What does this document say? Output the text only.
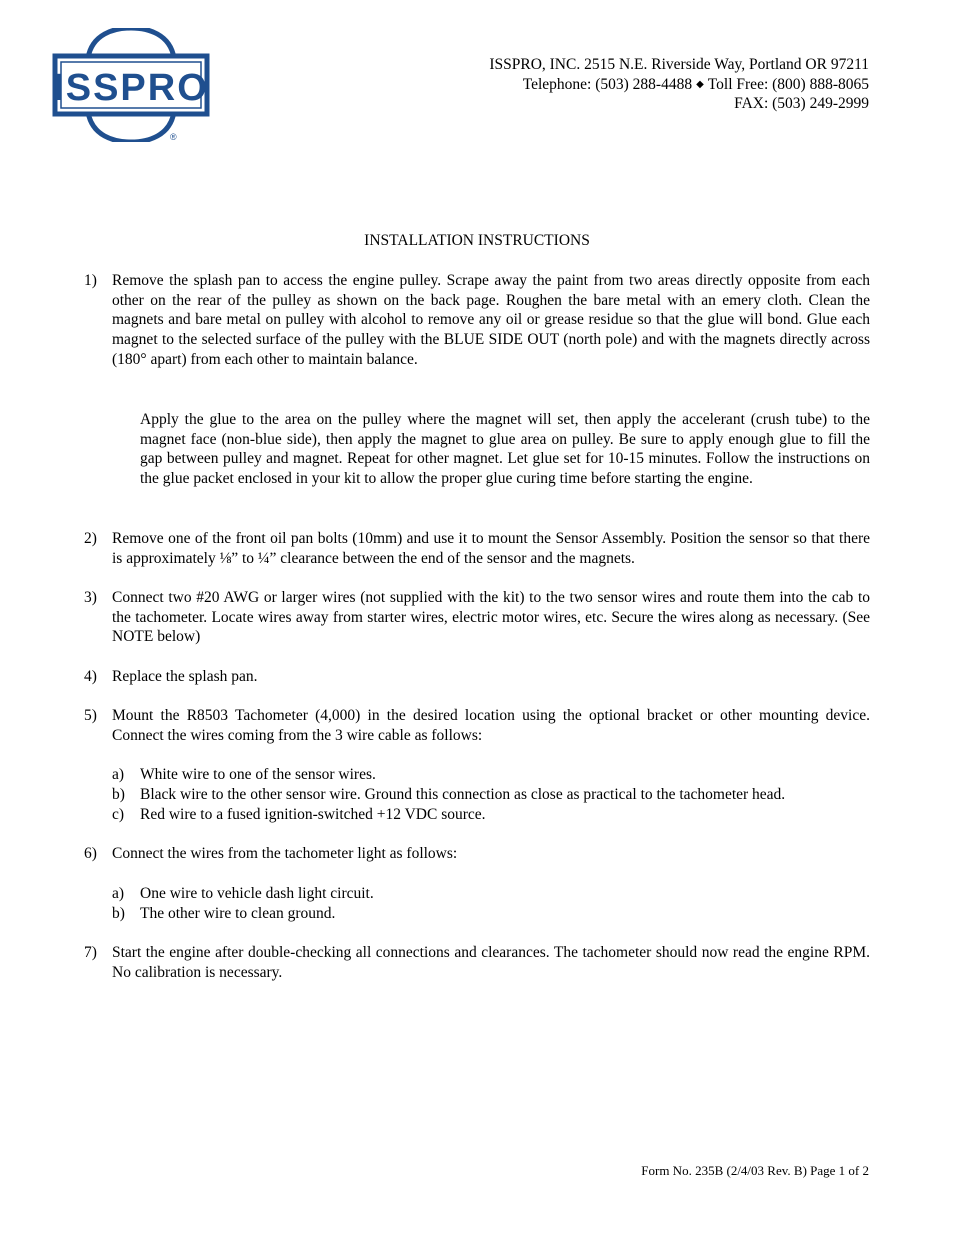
ISSPRO
®
ISSPRO, INC. 2515 N.E. Riverside Way, Portland OR 97211
Telephone: (503) 288-4488 ◆ Toll Free: (800) 888-8065
FAX: (503) 249-2999
INSTALLATION INSTRUCTIONS
1) Remove the splash pan to access the engine pulley. Scrape away the paint from two areas directly opposite from each other on the rear of the pulley as shown on the back page. Roughen the bare metal with an emery cloth. Clean the magnets and bare metal on pulley with alcohol to remove any oil or grease residue so that the glue will bond. Glue each magnet to the selected surface of the pulley with the BLUE SIDE OUT (north pole) and with the magnets directly across (180° apart) from each other to maintain balance.
Apply the glue to the area on the pulley where the magnet will set, then apply the accelerant (crush tube) to the magnet face (non-blue side), then apply the magnet to glue area on pulley. Be sure to apply enough glue to fill the gap between pulley and magnet. Repeat for other magnet. Let glue set for 10-15 minutes. Follow the instructions on the glue packet enclosed in your kit to allow the proper glue curing time before starting the engine.
2) Remove one of the front oil pan bolts (10mm) and use it to mount the Sensor Assembly. Position the sensor so that there is approximately ⅛” to ¼” clearance between the end of the sensor and the magnets.
3) Connect two #20 AWG or larger wires (not supplied with the kit) to the two sensor wires and route them into the cab to the tachometer. Locate wires away from starter wires, electric motor wires, etc. Secure the wires along as necessary. (See NOTE below)
4) Replace the splash pan.
5) Mount the R8503 Tachometer (4,000) in the desired location using the optional bracket or other mounting device. Connect the wires coming from the 3 wire cable as follows:
a)	White wire to one of the sensor wires.
b) Black wire to the other sensor wire. Ground this connection as close as practical to the tachometer head.
c)	Red wire to a fused ignition-switched +12 VDC source.
6) Connect the wires from the tachometer light as follows:
a)	One wire to vehicle dash light circuit.
b) The other wire to clean ground.
7) Start the engine after double-checking all connections and clearances. The tachometer should now read the engine RPM. No calibration is necessary.
Form No. 235B (2/4/03 Rev. B) Page 1 of 2
